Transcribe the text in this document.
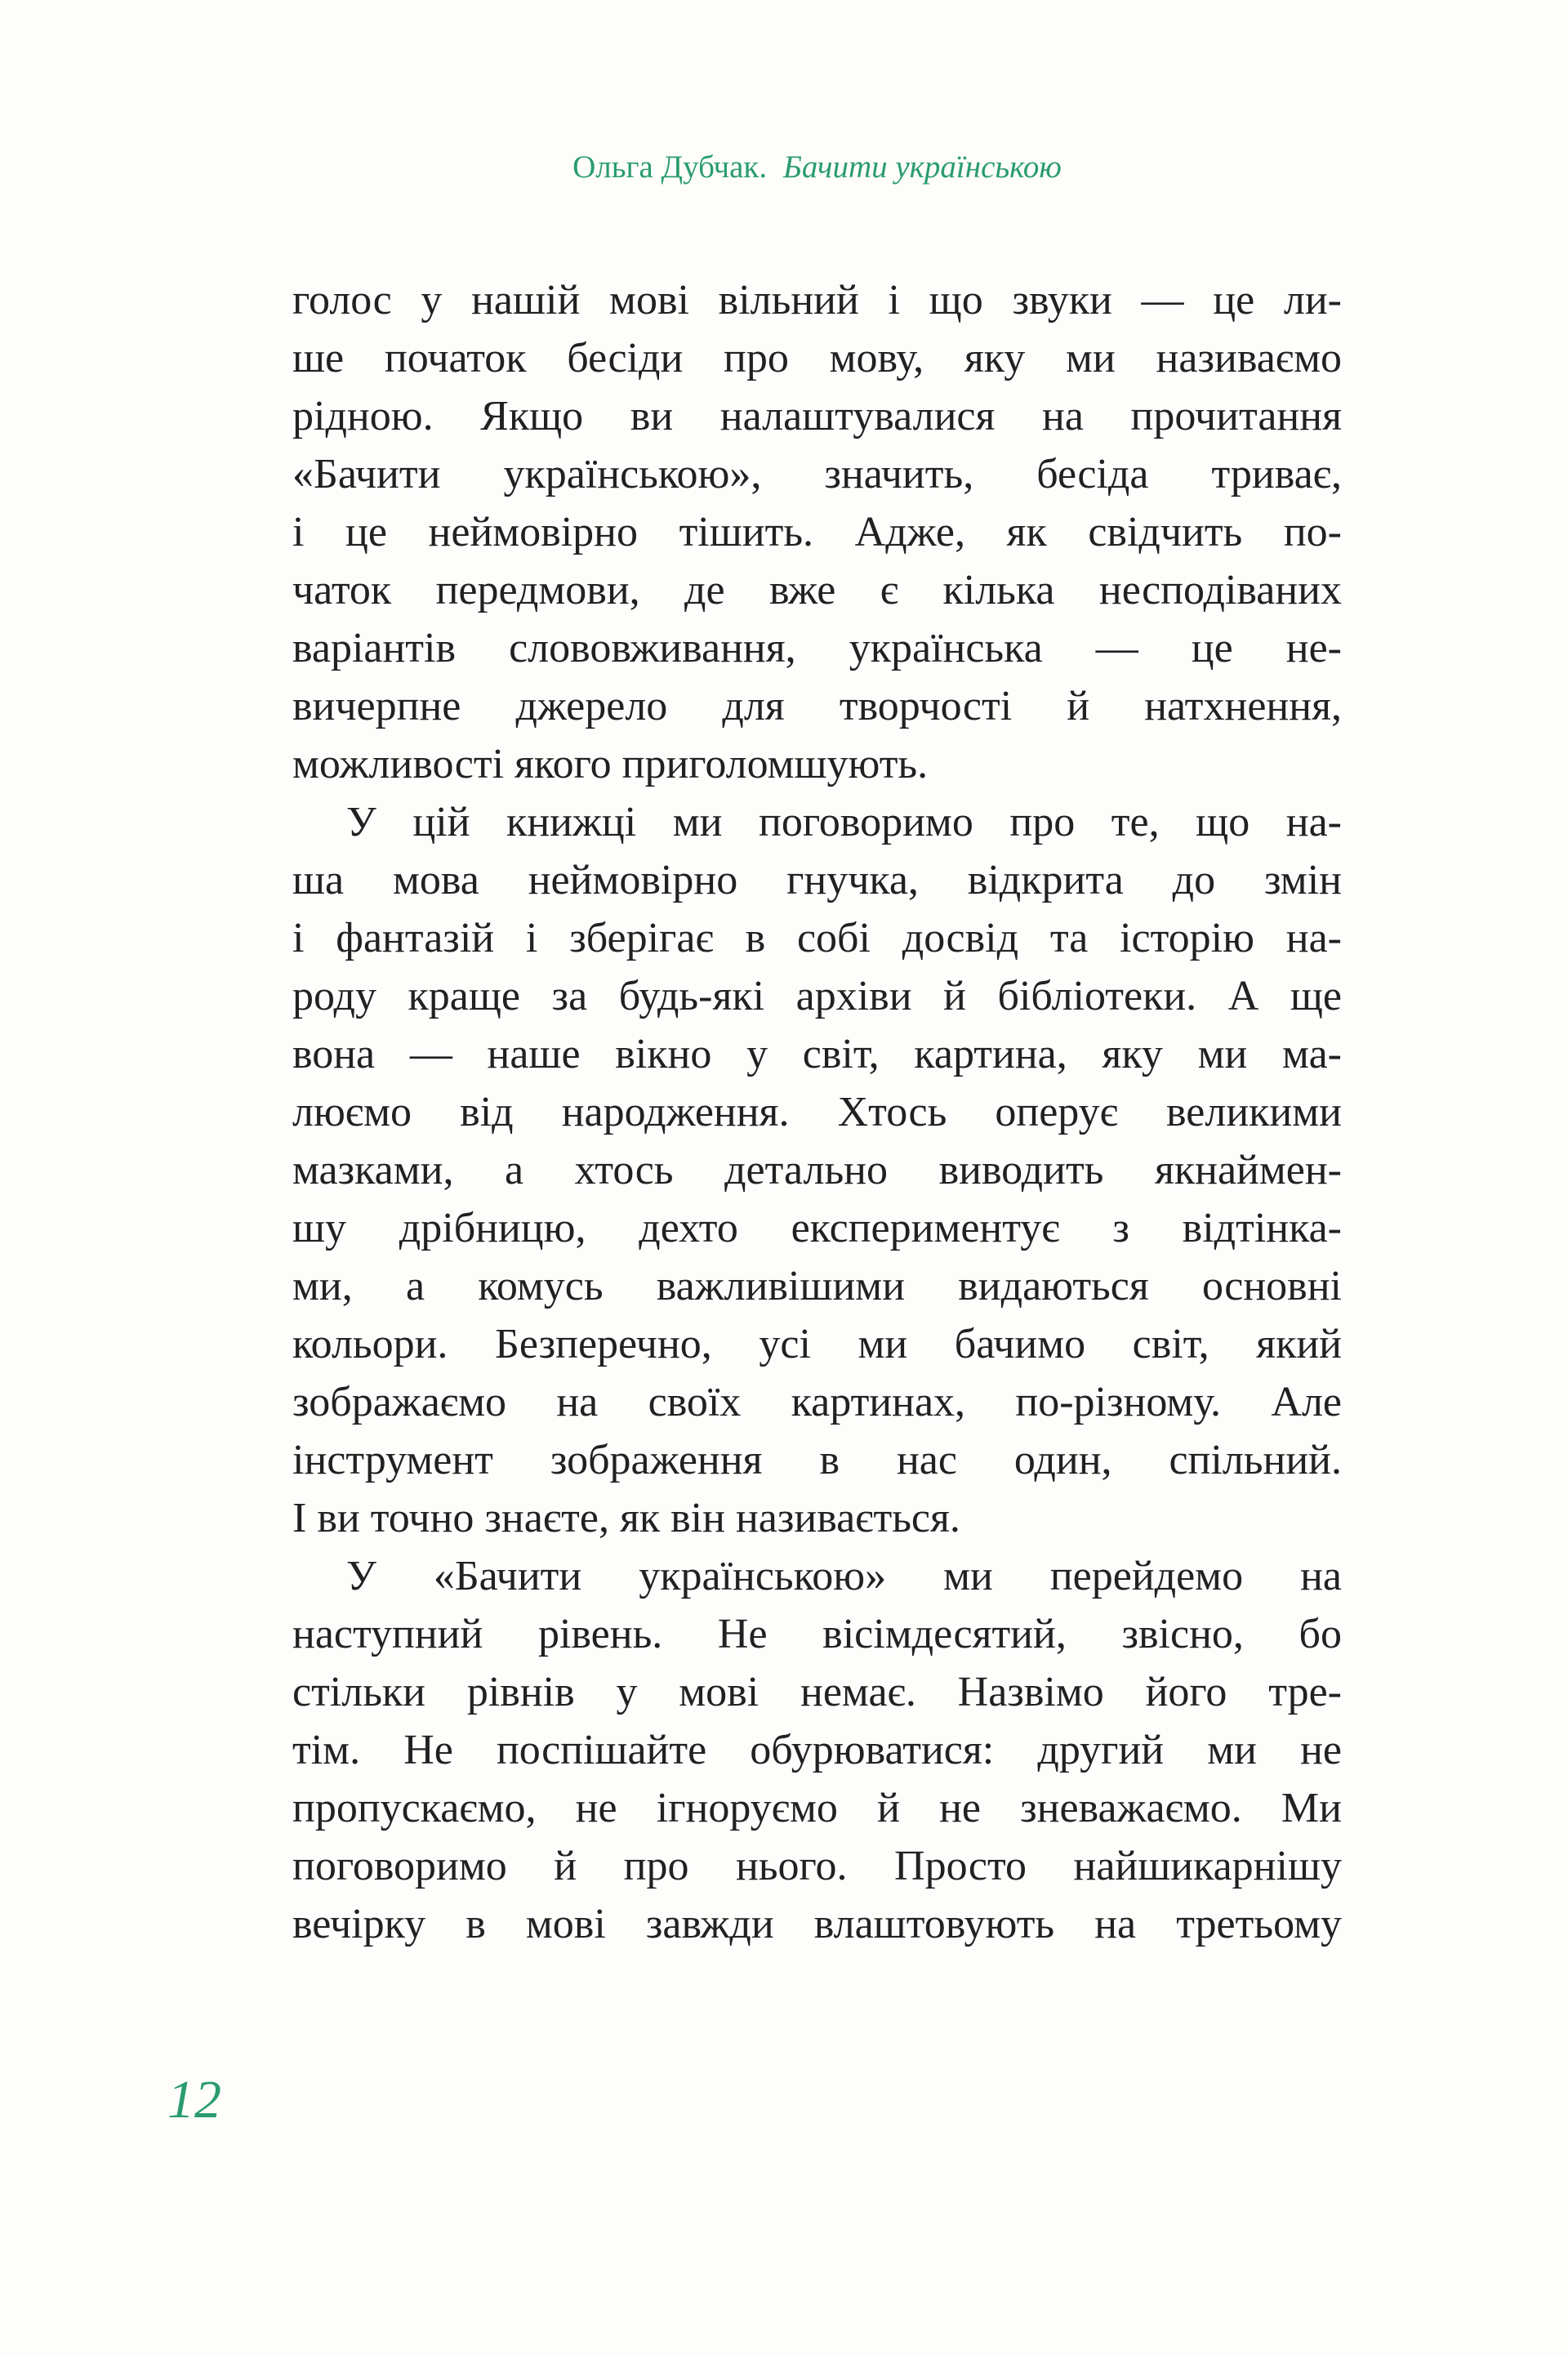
Ольга Дубчак. Бачити українською
голос у нашій мові вільний і що звуки — це ли-
ше початок бесіди про мову, яку ми називаємо
рідною. Якщо ви налаштувалися на прочитання
«Бачити українською», значить, бесіда триває,
і це неймовірно тішить. Адже, як свідчить по-
чаток передмови, де вже є кілька несподіваних
варіантів слововживання, українська — це не-
вичерпне джерело для творчості й натхнення,
можливості якого приголомшують.
У цій книжці ми поговоримо про те, що на-
ша мова неймовірно гнучка, відкрита до змін
і фантазій і зберігає в собі досвід та історію на-
роду краще за будь-які архіви й бібліотеки. А ще
вона — наше вікно у світ, картина, яку ми ма-
люємо від народження. Хтось оперує великими
мазками, а хтось детально виводить якнаймен-
шу дрібницю, дехто експериментує з відтінка-
ми, а комусь важливішими видаються основні
кольори. Безперечно, усі ми бачимо світ, який
зображаємо на своїх картинах, по-різному. Але
інструмент зображення в нас один, спільний.
І ви точно знаєте, як він називається.
У «Бачити українською» ми перейдемо на
наступний рівень. Не вісімдесятий, звісно, бо
стільки рівнів у мові немає. Назвімо його тре-
тім. Не поспішайте обурюватися: другий ми не
пропускаємо, не ігноруємо й не зневажаємо. Ми
поговоримо й про нього. Просто найшикарнішу
вечірку в мові завжди влаштовують на третьому
12
